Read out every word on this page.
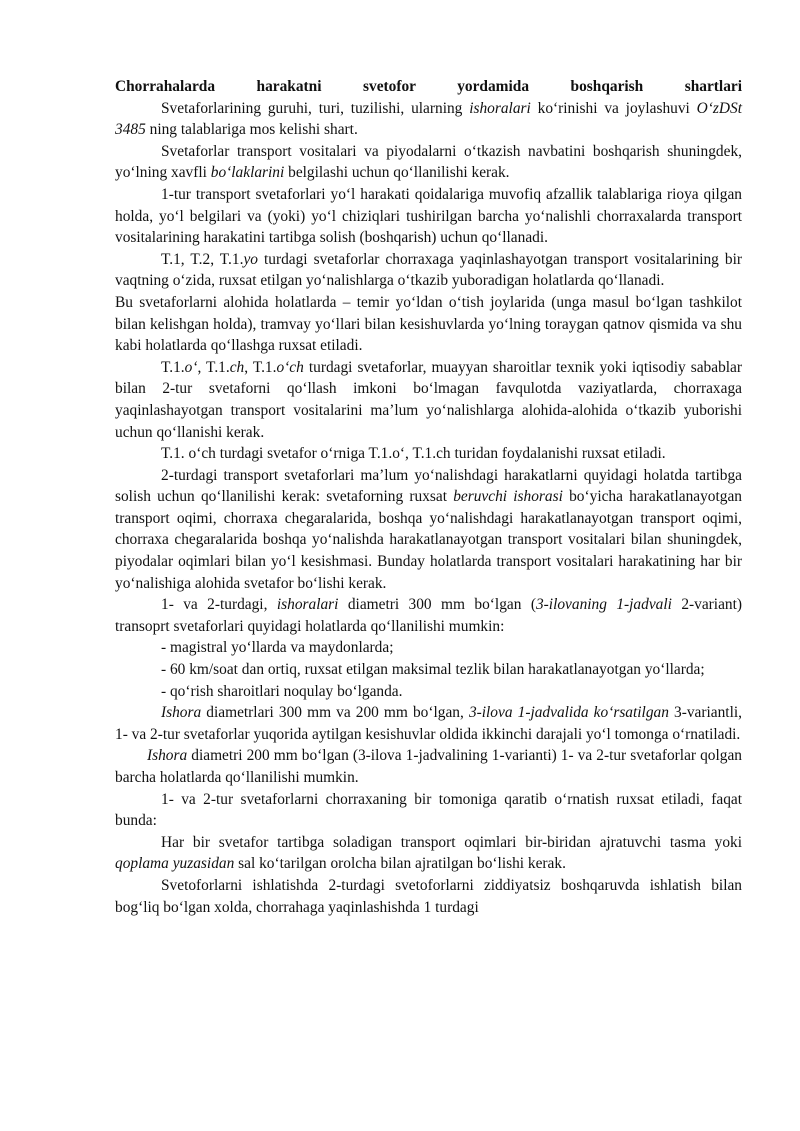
Chorrahalarda harakatni svetofor yordamida boshqarish shartlari

Svetaforlarining guruhi, turi, tuzilishi, ularning ishoralari ko‘rinishi va joylashuvi O‘zDSt 3485 ning talablariga mos kelishi shart.

Svetaforlar transport vositalari va piyodalarni o‘tkazish navbatini boshqarish shuningdek, yo‘lning xavfli bo‘laklarini belgilashi uchun qo‘llanilishi kerak.

1-tur transport svetaforlari yo‘l harakati qoidalariga muvofiq afzallik talablariga rioya qilgan holda, yo‘l belgilari va (yoki) yo‘l chiziqlari tushirilgan barcha yo‘nalishli chorraxalarda transport vositalarining harakatini tartibga solish (boshqarish) uchun qo‘llanadi.

T.1, T.2, T.1.yo turdagi svetaforlar chorraxaga yaqinlashayotgan transport vositalarining bir vaqtning o‘zida, ruxsat etilgan yo‘nalishlarga o‘tkazib yuboradigan holatlarda qo‘llanadi.

Bu svetaforlarni alohida holatlarda – temir yo‘ldan o‘tish joylarida (unga masul bo‘lgan tashkilot bilan kelishgan holda), tramvay yo‘llari bilan kesishuvlarda yo‘lning toraygan qatnov qismida va shu kabi holatlarda qo‘llashga ruxsat etiladi.

T.1.o‘, T.1.ch, T.1.o‘ch turdagi svetaforlar, muayyan sharoitlar texnik yoki iqtisodiy sabablar bilan 2-tur svetaforni qo‘llash imkoni bo‘lmagan favqulotda vaziyatlarda, chorraxaga yaqinlashayotgan transport vositalarini ma’lum yo‘nalishlarga alohida-alohida o‘tkazib yuborishi uchun qo‘llanishi kerak.

T.1. o‘ch turdagi svetafor o‘rniga T.1.o‘, T.1.ch turidan foydalanishi ruxsat etiladi.

2-turdagi transport svetaforlari ma’lum yo‘nalishdagi harakatlarni quyidagi holatda tartibga solish uchun qo‘llanilishi kerak: svetaforning ruxsat beruvchi ishorasi bo‘yicha harakatlanayotgan transport oqimi, chorraxa chegaralarida, boshqa yo‘nalishdagi harakatlanayotgan transport oqimi, chorraxa chegaralarida boshqa yo‘nalishda harakatlanayotgan transport vositalari bilan shuningdek, piyodalar oqimlari bilan yo‘l kesishmasi. Bunday holatlarda transport vositalari harakatining har bir yo‘nalishiga alohida svetafor bo‘lishi kerak.

1- va 2-turdagi, ishoralari diametri 300 mm bo‘lgan (3-ilovaning 1-jadvali 2-variant) transoprt svetaforlari quyidagi holatlarda qo‘llanilishi mumkin:

- magistral yo‘llarda va maydonlarda;

- 60 km/soat dan ortiq, ruxsat etilgan maksimal tezlik bilan harakatlanayotgan yo‘llarda;

- qo‘rish sharoitlari noqulay bo‘lganda.

Ishora diametrlari 300 mm va 200 mm bo‘lgan, 3-ilova 1-jadvalida ko‘rsatilgan 3-variantli, 1- va 2-tur svetaforlar yuqorida aytilgan kesishuvlar oldida ikkinchi darajali yo‘l tomonga o‘rnatiladi.

Ishora diametri 200 mm bo‘lgan (3-ilova 1-jadvalining 1-varianti) 1- va 2-tur svetaforlar qolgan barcha holatlarda qo‘llanilishi mumkin.

1- va 2-tur svetaforlarni chorraxaning bir tomoniga qaratib o‘rnatish ruxsat etiladi, faqat bunda:

Har bir svetafor tartibga soladigan transport oqimlari bir-biridan ajratuvchi tasma yoki qoplama yuzasidan sal ko‘tarilgan orolcha bilan ajratilgan bo‘lishi kerak.

Svetoforlarni ishlatishda 2-turdagi svetoforlarni ziddiyatsiz boshqaruvda ishlatish bilan bog‘liq bo‘lgan xolda, chorrahaga yaqinlashishda 1 turdagi
